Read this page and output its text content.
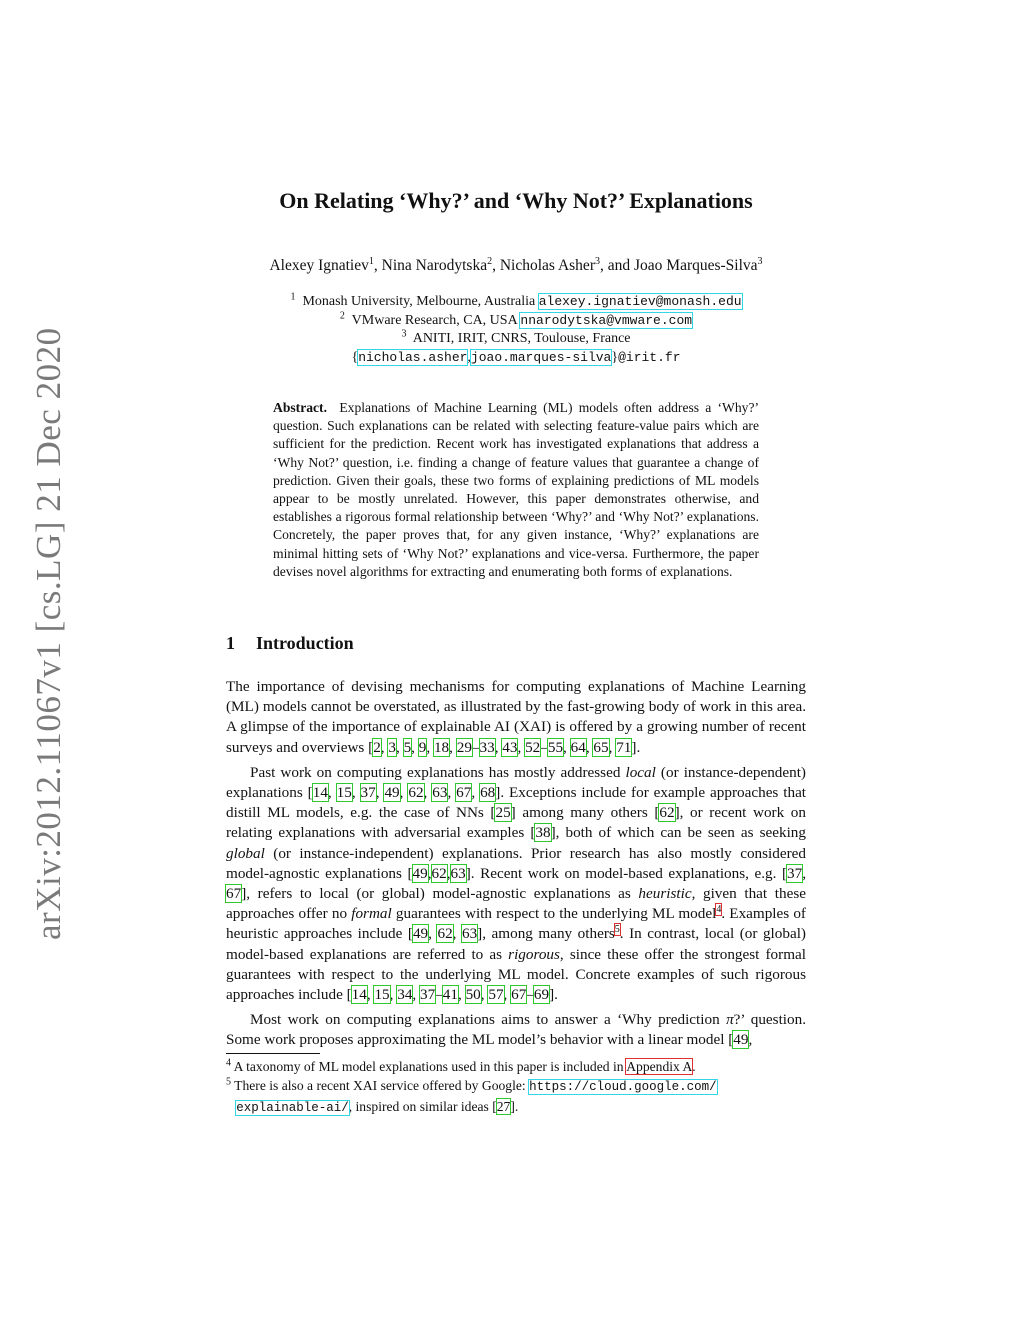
arXiv:2012.11067v1 [cs.LG] 21 Dec 2020
On Relating ‘Why?’ and ‘Why Not?’ Explanations
Alexey Ignatiev$^1$, Nina Narodytska$^2$, Nicholas Asher$^3$, and Joao Marques-Silva$^3$
$^1$ Monash University, Melbourne, Australia alexey.ignatiev@monash.edu
$^2$ VMware Research, CA, USA nnarodytska@vmware.com
$^3$ ANITI, IRIT, CNRS, Toulouse, France
{nicholas.asher,joao.marques-silva}@irit.fr
Abstract. Explanations of Machine Learning (ML) models often address a ‘Why?’ question. Such explanations can be related with selecting feature-value pairs which are sufficient for the prediction. Recent work has investigated explanations that address a ‘Why Not?’ question, i.e. finding a change of feature values that guarantee a change of prediction. Given their goals, these two forms of explaining predictions of ML models appear to be mostly unrelated. However, this paper demonstrates otherwise, and establishes a rigorous formal relationship between ‘Why?’ and ‘Why Not?’ explanations. Concretely, the paper proves that, for any given instance, ‘Why?’ explanations are minimal hitting sets of ‘Why Not?’ explanations and vice-versa. Furthermore, the paper devises novel algorithms for extracting and enumerating both forms of explanations.
1 Introduction

The importance of devising mechanisms for computing explanations of Machine Learning (ML) models cannot be overstated, as illustrated by the fast-growing body of work in this area. A glimpse of the importance of explainable AI (XAI) is offered by a growing number of recent surveys and overviews [2, 3, 5, 9, 18, 29–33, 43, 52–55, 64, 65, 71].

Past work on computing explanations has mostly addressed local (or instance-dependent) explanations [14, 15, 37, 49, 62, 63, 67, 68]. Exceptions include for example approaches that distill ML models, e.g. the case of NNs [25] among many others [62], or recent work on relating explanations with adversarial examples [38], both of which can be seen as seeking global (or instance-independent) explanations. Prior research has also mostly considered model-agnostic explanations [49,62,63]. Recent work on model-based explanations, e.g. [37, 67], refers to local (or global) model-agnostic explanations as heuristic, given that these approaches offer no formal guarantees with respect to the underlying ML model$^4$. Examples of heuristic approaches include [49, 62, 63], among many others$^5$. In contrast, local (or global) model-based explanations are referred to as rigorous, since these offer the strongest formal guarantees with respect to the underlying ML model. Concrete examples of such rigorous approaches include [14, 15, 34, 37–41, 50, 57, 67–69].

Most work on computing explanations aims to answer a ‘Why prediction π?’ question. Some work proposes approximating the ML model’s behavior with a linear model [49,

$^4$ A taxonomy of ML model explanations used in this paper is included in Appendix A.

$^5$ There is also a recent XAI service offered by Google: https://cloud.google.com/
explainable-ai/, inspired on similar ideas [27].
